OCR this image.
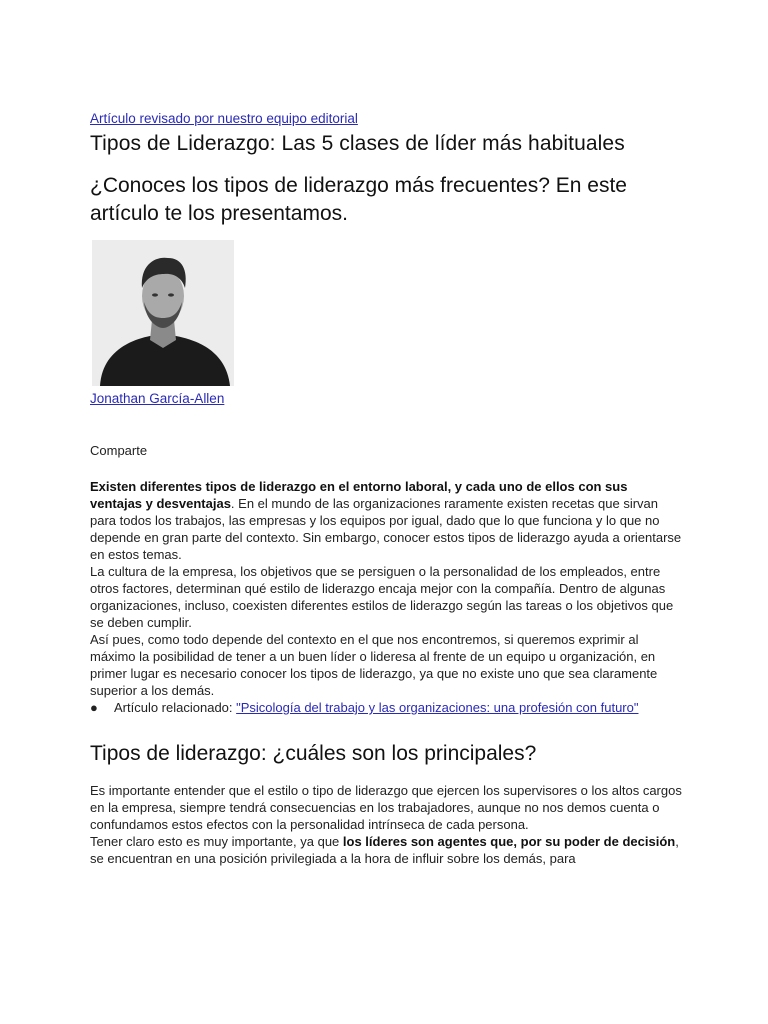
Artículo revisado por nuestro equipo editorial
Tipos de Liderazgo: Las 5 clases de líder más habituales
¿Conoces los tipos de liderazgo más frecuentes? En este artículo te los presentamos.
Jonathan García-Allen
Comparte

Existen diferentes tipos de liderazgo en el entorno laboral, y cada uno de ellos con sus ventajas y desventajas. En el mundo de las organizaciones raramente existen recetas que sirvan para todos los trabajos, las empresas y los equipos por igual, dado que lo que funciona y lo que no depende en gran parte del contexto. Sin embargo, conocer estos tipos de liderazgo ayuda a orientarse en estos temas.

La cultura de la empresa, los objetivos que se persiguen o la personalidad de los empleados, entre otros factores, determinan qué estilo de liderazgo encaja mejor con la compañía. Dentro de algunas organizaciones, incluso, coexisten diferentes estilos de liderazgo según las tareas o los objetivos que se deben cumplir.

Así pues, como todo depende del contexto en el que nos encontremos, si queremos exprimir al máximo la posibilidad de tener a un buen líder o lideresa al frente de un equipo u organización, en primer lugar es necesario conocer los tipos de liderazgo, ya que no existe uno que sea claramente superior a los demás.

● Artículo relacionado: "Psicología del trabajo y las organizaciones: una profesión con futuro"

Tipos de liderazgo: ¿cuáles son los principales?

Es importante entender que el estilo o tipo de liderazgo que ejercen los supervisores o los altos cargos en la empresa, siempre tendrá consecuencias en los trabajadores, aunque no nos demos cuenta o confundamos estos efectos con la personalidad intrínseca de cada persona.

Tener claro esto es muy importante, ya que los líderes son agentes que, por su poder de decisión, se encuentran en una posición privilegiada a la hora de influir sobre los demás, para
